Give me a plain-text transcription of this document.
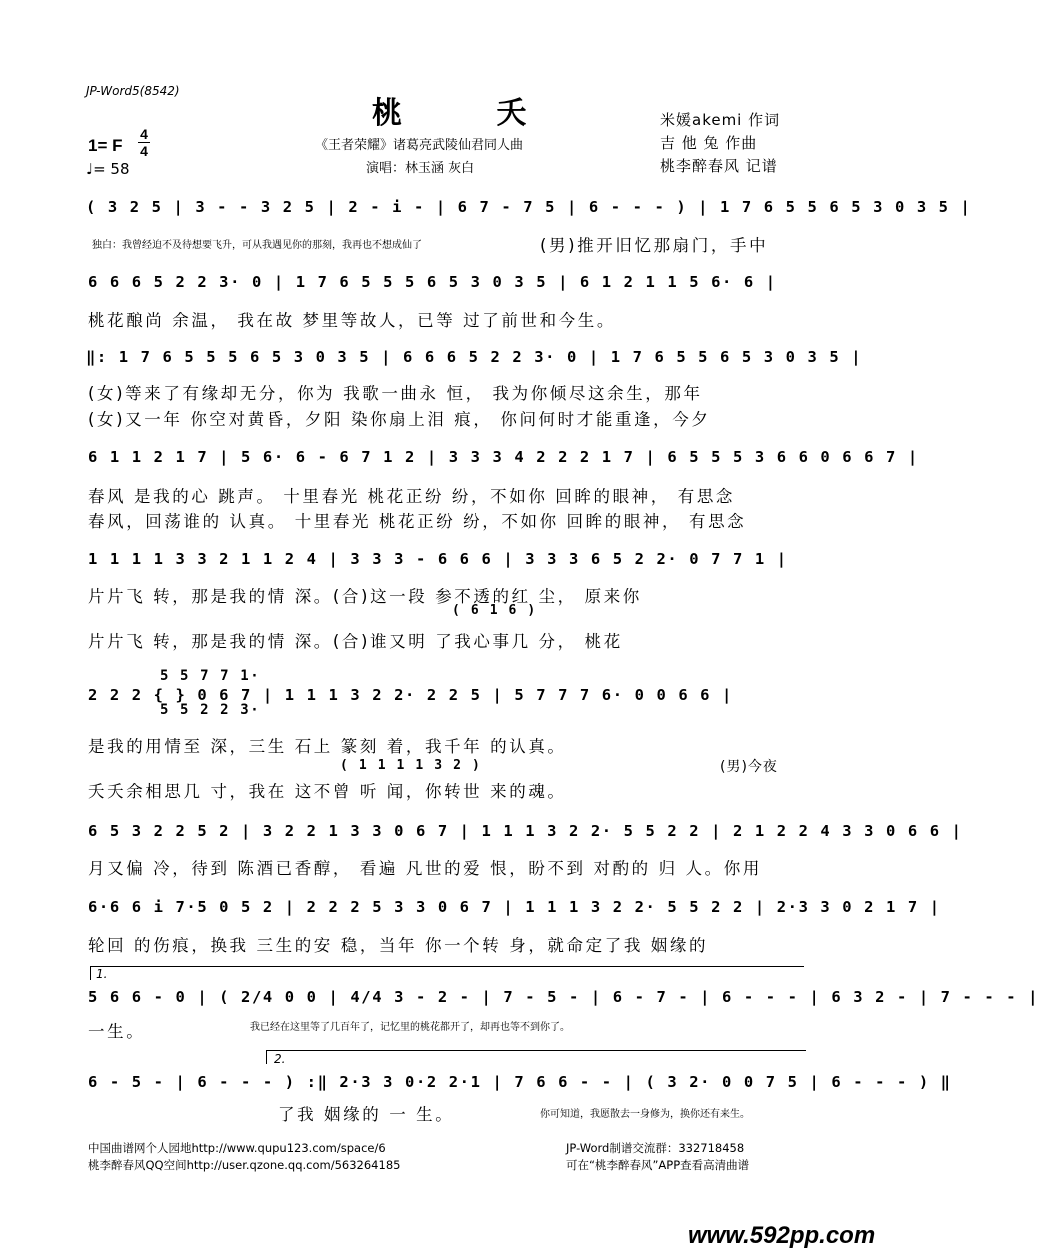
JP-Word5(8542)
桃 夭
《王者荣耀》诸葛亮武陵仙君同人曲
演唱：林玉涵 灰白
米媛akemi 作词
吉 他 兔 作曲
桃李醉春风 记谱
1= F
4
4
♩= 58
( 3 2 5 | 3 - - 3 2 5 | 2 - i - | 6 7 - 7 5 | 6 - - - ) | 1 7 6 5 5 6 5 3 0 3 5 |
独白：我曾经迫不及待想要飞升，可从我遇见你的那刻，我再也不想成仙了	(男)推开旧忆那扇门，手中
6 6 6 5 2 2 3· 0 | 1 7 6 5 5 5 6 5 3 0 3 5 | 6 1 2 1 1 5 6· 6 |
桃花酿尚 余温， 我在故 梦里等故人，已等 过了前世和今生。
‖: 1 7 6 5 5 5 6 5 3 0 3 5 | 6 6 6 5 2 2 3· 0 | 1 7 6 5 5 6 5 3 0 3 5 |
(女)等来了有缘却无分，你为 我歌一曲永 恒， 我为你倾尽这余生，那年
(女)又一年 你空对黄昏，夕阳 染你扇上泪 痕， 你问何时才能重逢，今夕
6 1 1 2 1 7 | 5 6· 6 - 6 7 1 2 | 3 3 3 4 2 2 2 1 7 | 6 5 5 5 3 6 6 0 6 6 7 |
春风 是我的心 跳声。 十里春光 桃花正纷 纷，不如你 回眸的眼神， 有思念
春风，回荡谁的 认真。 十里春光 桃花正纷 纷，不如你 回眸的眼神， 有思念
1 1 1 1 3 3 2 1 1 2 4 | 3 3 3 - 6 6 6 | 3 3 3 6 5 2 2· 0 7 7 1 |
片片飞 转，那是我的情 深。(合)这一段 参不透的红 尘， 原来你
( 6 1 6 )
片片飞 转，那是我的情 深。(合)谁又明 了我心事几 分， 桃花
5 5 7 7 1·
5 5 2 2 3·
2 2 2 { } 0 6 7 | 1 1 1 3 2 2· 2 2 5 | 5 7 7 7 6· 0 0 6 6 |
是我的用情至 深，三生 石上 篆刻 着，我千年 的认真。
( 1 1 1 1 3 2 )
夭夭余相思几 寸，我在 这不曾 听 闻，你转世 来的魂。
(男)今夜
6 5 3 2 2 5 2 | 3 2 2 1 3 3 0 6 7 | 1 1 1 3 2 2· 5 5 2 2 | 2 1 2 2 4 3 3 0 6 6 |
月又偏 冷，待到 陈酒已香醇， 看遍 凡世的爱 恨，盼不到 对酌的 归 人。你用
6·6 6 i 7·5 0 5 2 | 2 2 2 5 3 3 0 6 7 | 1 1 1 3 2 2· 5 5 2 2 | 2·3 3 0 2 1 7 |
轮回 的伤痕，换我 三生的安 稳，当年 你一个转 身，就命定了我 姻缘的
1.
5 6 6 - 0 | ( 2/4 0 0 | 4/4 3 - 2 - | 7 - 5 - | 6 - 7 - | 6 - - - | 6 3 2 - | 7 - - - |
一生。	我已经在这里等了几百年了，记忆里的桃花都开了，却再也等不到你了。
2.
6 - 5 - | 6 - - - ) :‖ 2·3 3 0·2 2·1 | 7 6 6 - - | ( 3 2· 0 0 7 5 | 6 - - - ) ‖
了我 姻缘的 一 生。	你可知道，我愿散去一身修为，换你还有来生。
中国曲谱网个人园地http://www.qupu123.com/space/6
桃李醉春风QQ空间http://user.qzone.qq.com/563264185
JP-Word制谱交流群：332718458
可在“桃李醉春风”APP查看高清曲谱
www.592pp.com
